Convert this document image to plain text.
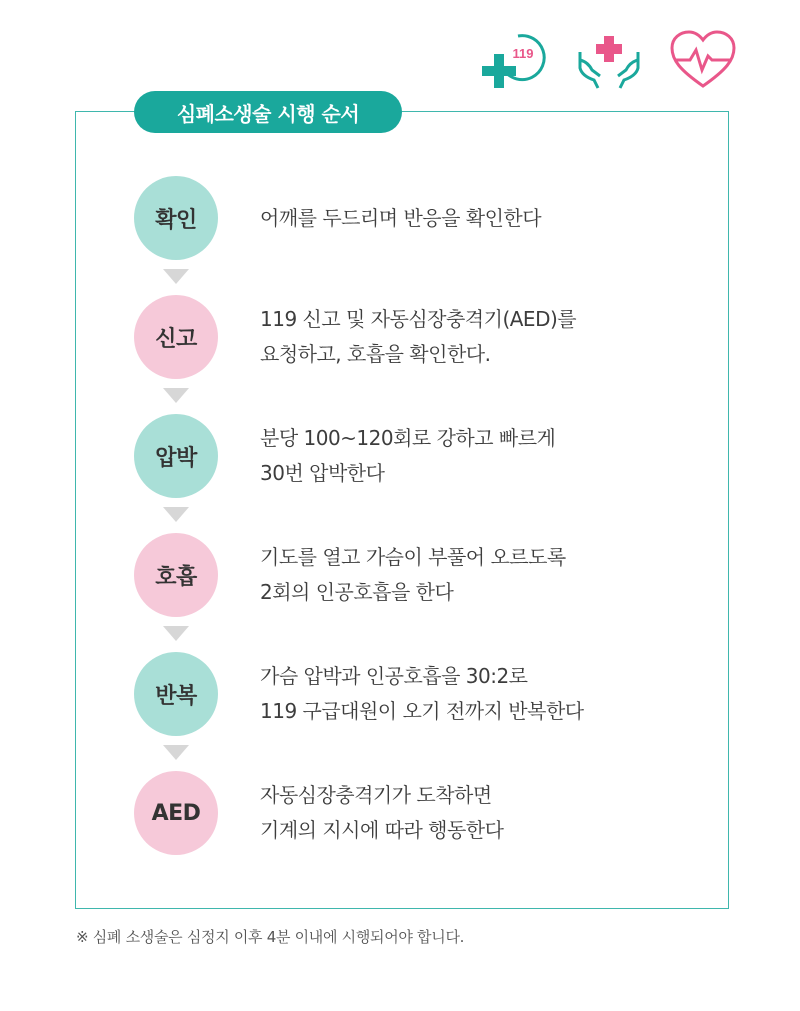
119
심폐소생술 시행 순서
확인	어깨를 두드리며 반응을 확인한다
신고
119 신고 및 자동심장충격기(AED)를
요청하고, 호흡을 확인한다.
압박
분당 100~120회로 강하고 빠르게
30번 압박한다
호흡
기도를 열고 가슴이 부풀어 오르도록
2회의 인공호흡을 한다
반복
가슴 압박과 인공호흡을 30:2로
119 구급대원이 오기 전까지 반복한다
AED
자동심장충격기가 도착하면
기계의 지시에 따라 행동한다
※ 심폐 소생술은 심정지 이후 4분 이내에 시행되어야 합니다.
